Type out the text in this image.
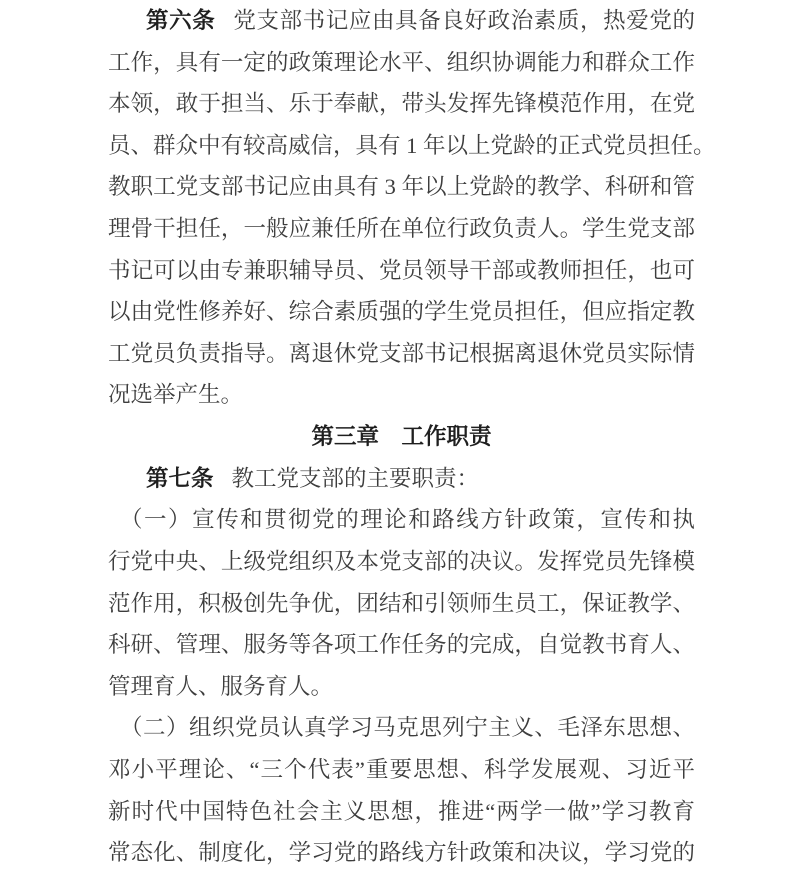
第六条 党支部书记应由具备良好政治素质，热爱党的
工作，具有一定的政策理论水平、组织协调能力和群众工作
本领，敢于担当、乐于奉献，带头发挥先锋模范作用，在党
员、群众中有较高威信，具有 1 年以上党龄的正式党员担任。
教职工党支部书记应由具有 3 年以上党龄的教学、科研和管
理骨干担任，一般应兼任所在单位行政负责人。学生党支部
书记可以由专兼职辅导员、党员领导干部或教师担任，也可
以由党性修养好、综合素质强的学生党员担任，但应指定教
工党员负责指导。离退休党支部书记根据离退休党员实际情
况选举产生。
第三章　工作职责
第七条 教工党支部的主要职责：
（一）宣传和贯彻党的理论和路线方针政策，宣传和执
行党中央、上级党组织及本党支部的决议。发挥党员先锋模
范作用，积极创先争优，团结和引领师生员工，保证教学、
科研、管理、服务等各项工作任务的完成，自觉教书育人、
管理育人、服务育人。
（二）组织党员认真学习马克思列宁主义、毛泽东思想、
邓小平理论、“三个代表”重要思想、科学发展观、习近平
新时代中国特色社会主义思想，推进“两学一做”学习教育
常态化、制度化，学习党的路线方针政策和决议，学习党的
